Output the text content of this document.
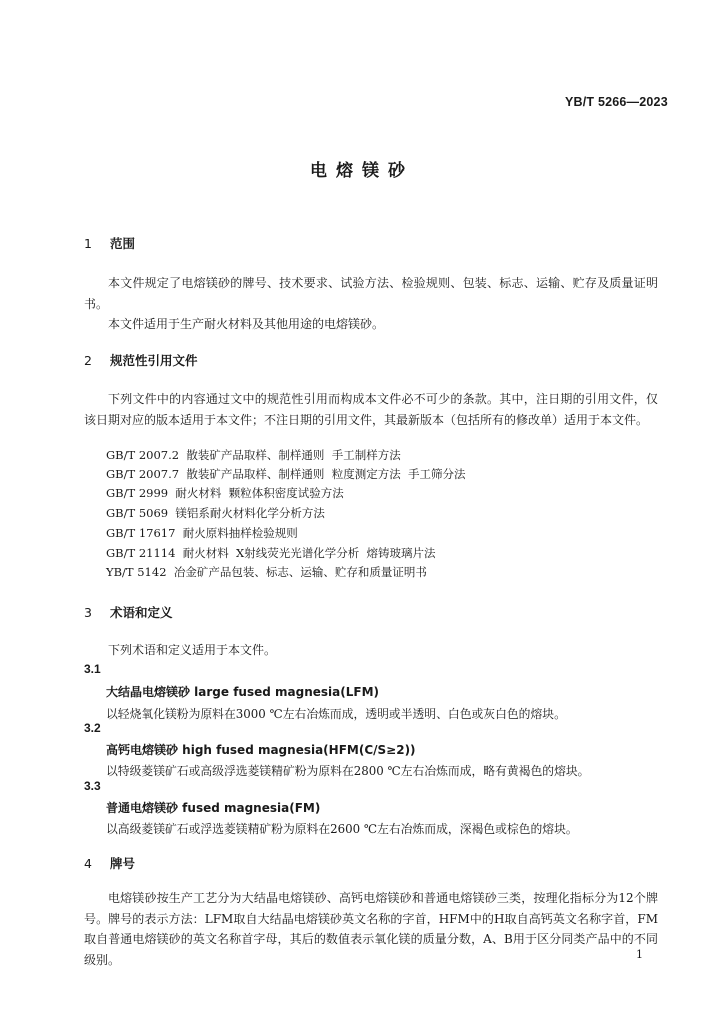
YB/T 5266—2023
电熔镁砂
1 范围
本文件规定了电熔镁砂的牌号、技术要求、试验方法、检验规则、包装、标志、运输、贮存及质量证明书。
本文件适用于生产耐火材料及其他用途的电熔镁砂。
2 规范性引用文件
下列文件中的内容通过文中的规范性引用而构成本文件必不可少的条款。其中，注日期的引用文件，仅该日期对应的版本适用于本文件；不注日期的引用文件，其最新版本（包括所有的修改单）适用于本文件。
GB/T 2007.2  散装矿产品取样、制样通则  手工制样方法
GB/T 2007.7  散装矿产品取样、制样通则  粒度测定方法  手工筛分法
GB/T 2999  耐火材料  颗粒体积密度试验方法
GB/T 5069  镁铝系耐火材料化学分析方法
GB/T 17617  耐火原料抽样检验规则
GB/T 21114  耐火材料  X射线荧光光谱化学分析  熔铸玻璃片法
YB/T 5142  冶金矿产品包装、标志、运输、贮存和质量证明书
3 术语和定义
下列术语和定义适用于本文件。
3.1
大结晶电熔镁砂 large fused magnesia(LFM)
以轻烧氧化镁粉为原料在3000 ℃左右冶炼而成，透明或半透明、白色或灰白色的熔块。
3.2
高钙电熔镁砂 high fused magnesia(HFM(C/S≥2))
以特级菱镁矿石或高级浮选菱镁精矿粉为原料在2800 ℃左右冶炼而成，略有黄褐色的熔块。
3.3
普通电熔镁砂 fused magnesia(FM)
以高级菱镁矿石或浮选菱镁精矿粉为原料在2600 ℃左右冶炼而成，深褐色或棕色的熔块。
4 牌号
电熔镁砂按生产工艺分为大结晶电熔镁砂、高钙电熔镁砂和普通电熔镁砂三类，按理化指标分为12个牌号。牌号的表示方法：LFM取自大结晶电熔镁砂英文名称的字首，HFM中的H取自高钙英文名称字首，FM取自普通电熔镁砂的英文名称首字母，其后的数值表示氧化镁的质量分数，A、B用于区分同类产品中的不同级别。	1
